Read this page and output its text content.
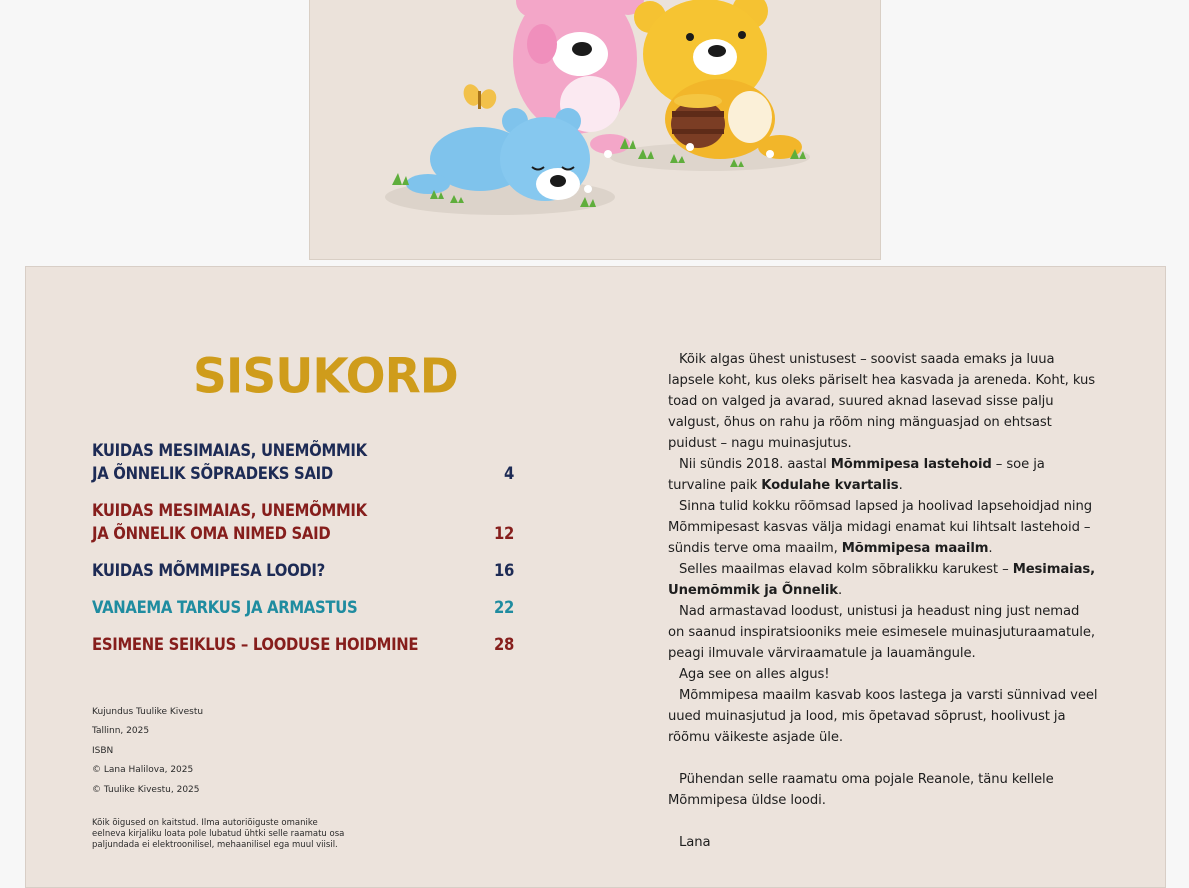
SISUKORD
KUIDAS MESIMAIAS, UNEMÕMMIK
JA ÕNNELIK SÕPRADEKS SAID	4
KUIDAS MESIMAIAS, UNEMÕMMIK
JA ÕNNELIK OMA NIMED SAID	12
KUIDAS MÕMMIPESA LOODI?	16
VANAEMA TARKUS JA ARMASTUS	22
ESIMENE SEIKLUS – LOODUSE HOIDMINE	28
Kujundus Tuulike Kivestu
Tallinn, 2025
ISBN
© Lana Halilova, 2025
© Tuulike Kivestu, 2025
Kõik õigused on kaitstud. Ilma autoriõiguste omanike
eelneva kirjaliku loata pole lubatud ühtki selle raamatu osa
paljundada ei elektroonilisel, mehaanilisel ega muul viisil.

Kõik algas ühest unistusest – soovist saada emaks ja luua lapsele koht, kus oleks päriselt hea kasvada ja areneda. Koht, kus toad on valged ja avarad, suured aknad lasevad sisse palju valgust, õhus on rahu ja rõõm ning mänguasjad on ehtsast puidust – nagu muinasjutus.

Nii sündis 2018. aastal Mõmmipesa lastehoid – soe ja turvaline paik Kodulahe kvartalis.

Sinna tulid kokku rõõmsad lapsed ja hoolivad lapsehoidjad ning Mõmmipesast kasvas välja midagi enamat kui lihtsalt lastehoid – sündis terve oma maailm, Mõmmipesa maailm.

Selles maailmas elavad kolm sõbralikku karukest – Mesimaias, Unemõmmik ja Õnnelik.

Nad armastavad loodust, unistusi ja headust ning just nemad on saanud inspiratsiooniks meie esimesele muinasjuturaamatule, peagi ilmuvale värviraamatule ja lauamängule.

Aga see on alles algus!

Mõmmipesa maailm kasvab koos lastega ja varsti sünnivad veel uued muinasjutud ja lood, mis õpetavad sõprust, hoolivust ja rõõmu väikeste asjade üle.

Pühendan selle raamatu oma pojale Reanole, tänu kellele Mõmmipesa üldse loodi.

Lana
